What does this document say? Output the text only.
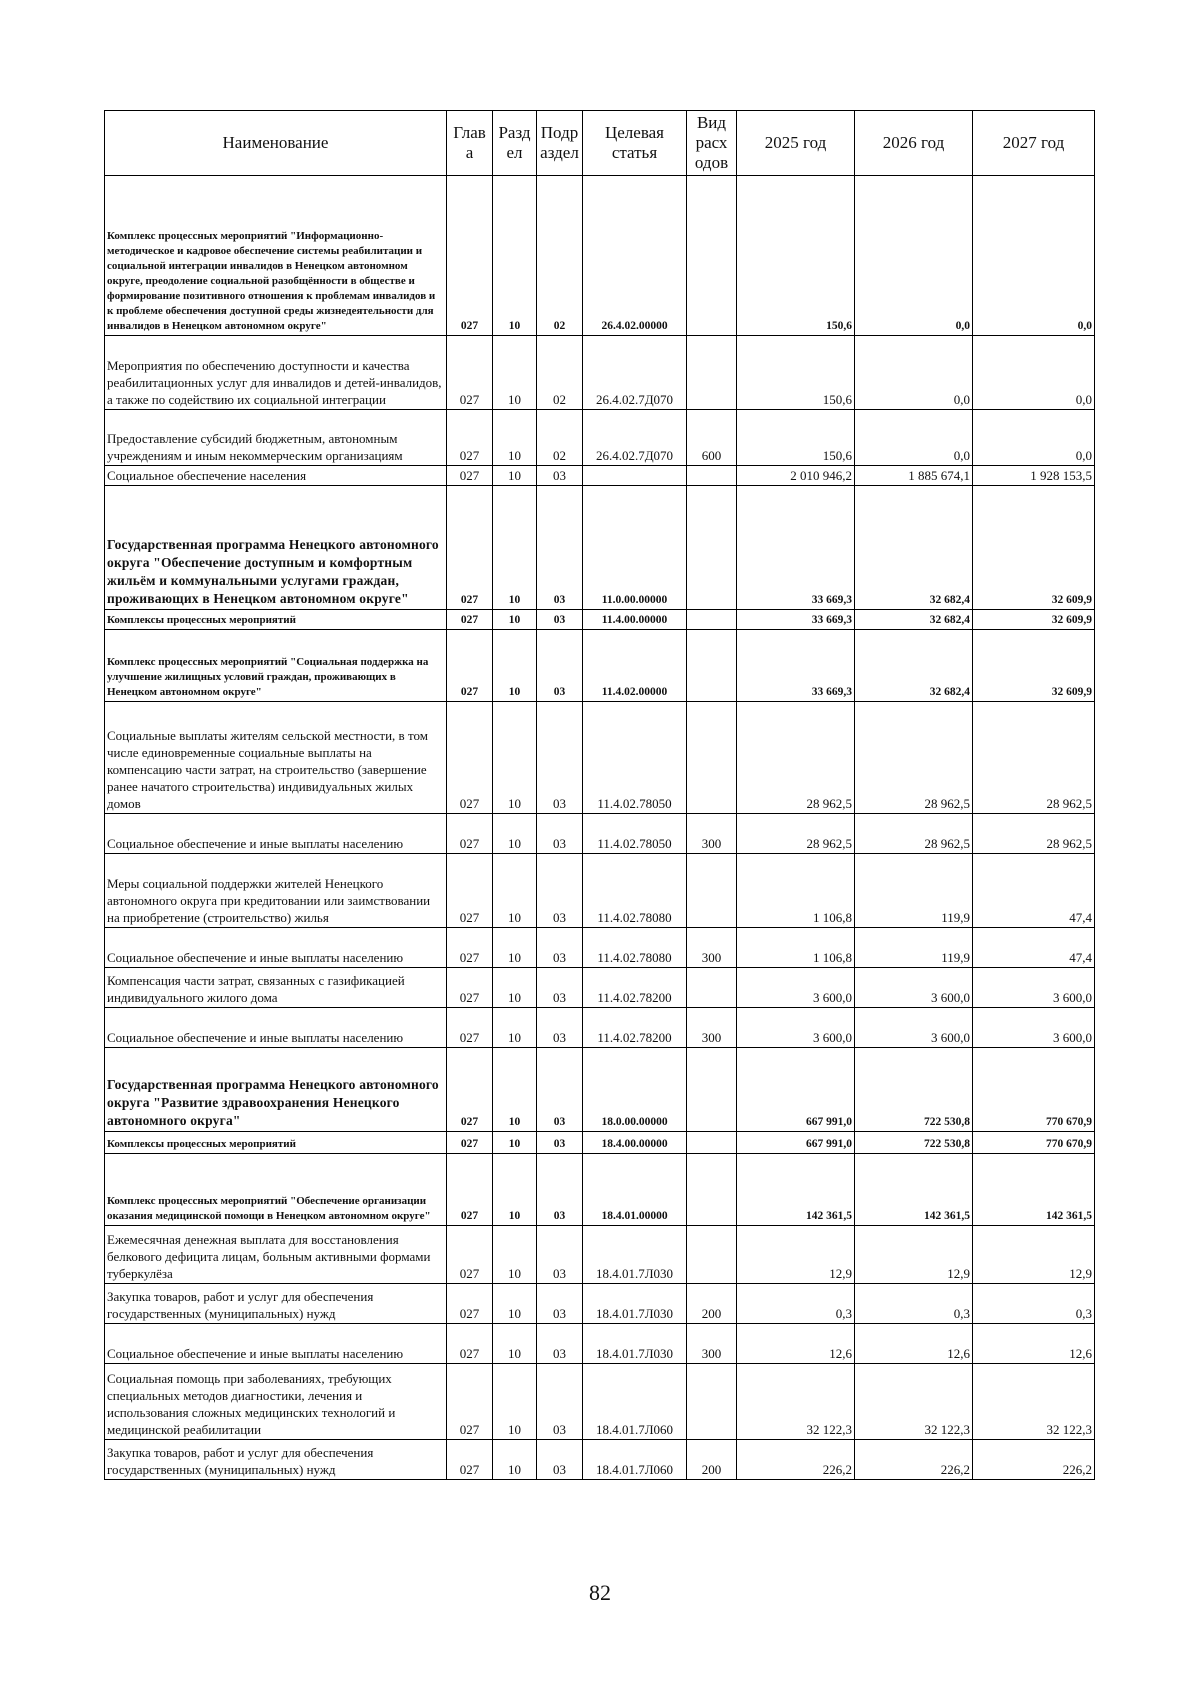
Наименование	Глав а	Разд ел	Подр аздел	Целевая статья	Вид расх одов	2025 год	2026 год	2027 год
Комплекс процессных мероприятий "Информационно-методическое и кадровое обеспечение системы реабилитации и социальной интеграции инвалидов в Ненецком автономном округе, преодоление социальной разобщённости в обществе и формирование позитивного отношения к проблемам инвалидов и к проблеме обеспечения доступной среды жизнедеятельности для инвалидов в Ненецком автономном округе"	027	10	02	26.4.02.00000		150,6	0,0	0,0
Мероприятия по обеспечению доступности и качества реабилитационных услуг для инвалидов и детей-инвалидов, а также по содействию их социальной интеграции	027	10	02	26.4.02.7Д070		150,6	0,0	0,0
Предоставление субсидий бюджетным, автономным учреждениям и иным некоммерческим организациям	027	10	02	26.4.02.7Д070	600	150,6	0,0	0,0
Социальное обеспечение населения	027	10	03			2 010 946,2	1 885 674,1	1 928 153,5
Государственная программа Ненецкого автономного округа "Обеспечение доступным и комфортным жильём и коммунальными услугами граждан, проживающих в Ненецком автономном округе"	027	10	03	11.0.00.00000		33 669,3	32 682,4	32 609,9
Комплексы процессных мероприятий	027	10	03	11.4.00.00000		33 669,3	32 682,4	32 609,9
Комплекс процессных мероприятий "Социальная поддержка на улучшение жилищных условий граждан, проживающих в Ненецком автономном округе"	027	10	03	11.4.02.00000		33 669,3	32 682,4	32 609,9
Социальные выплаты жителям сельской местности, в том числе единовременные социальные выплаты на компенсацию части затрат, на строительство (завершение ранее начатого строительства) индивидуальных жилых домов	027	10	03	11.4.02.78050		28 962,5	28 962,5	28 962,5
Социальное обеспечение и иные выплаты населению	027	10	03	11.4.02.78050	300	28 962,5	28 962,5	28 962,5
Меры социальной поддержки жителей Ненецкого автономного округа при кредитовании или заимствовании на приобретение (строительство) жилья	027	10	03	11.4.02.78080		1 106,8	119,9	47,4
Социальное обеспечение и иные выплаты населению	027	10	03	11.4.02.78080	300	1 106,8	119,9	47,4
Компенсация части затрат, связанных с газификацией индивидуального жилого дома	027	10	03	11.4.02.78200		3 600,0	3 600,0	3 600,0
Социальное обеспечение и иные выплаты населению	027	10	03	11.4.02.78200	300	3 600,0	3 600,0	3 600,0
Государственная программа Ненецкого автономного округа "Развитие здравоохранения Ненецкого автономного округа"	027	10	03	18.0.00.00000		667 991,0	722 530,8	770 670,9
Комплексы процессных мероприятий	027	10	03	18.4.00.00000		667 991,0	722 530,8	770 670,9
Комплекс процессных мероприятий "Обеспечение организации оказания медицинской помощи в Ненецком автономном округе"	027	10	03	18.4.01.00000		142 361,5	142 361,5	142 361,5
Ежемесячная денежная выплата для восстановления белкового дефицита лицам, больным активными формами туберкулёза	027	10	03	18.4.01.7Л030		12,9	12,9	12,9
Закупка товаров, работ и услуг для обеспечения государственных (муниципальных) нужд	027	10	03	18.4.01.7Л030	200	0,3	0,3	0,3
Социальное обеспечение и иные выплаты населению	027	10	03	18.4.01.7Л030	300	12,6	12,6	12,6
Социальная помощь при заболеваниях, требующих специальных методов диагностики, лечения и использования сложных медицинских технологий и медицинской реабилитации	027	10	03	18.4.01.7Л060		32 122,3	32 122,3	32 122,3
Закупка товаров, работ и услуг для обеспечения государственных (муниципальных) нужд	027	10	03	18.4.01.7Л060	200	226,2	226,2	226,2
82
